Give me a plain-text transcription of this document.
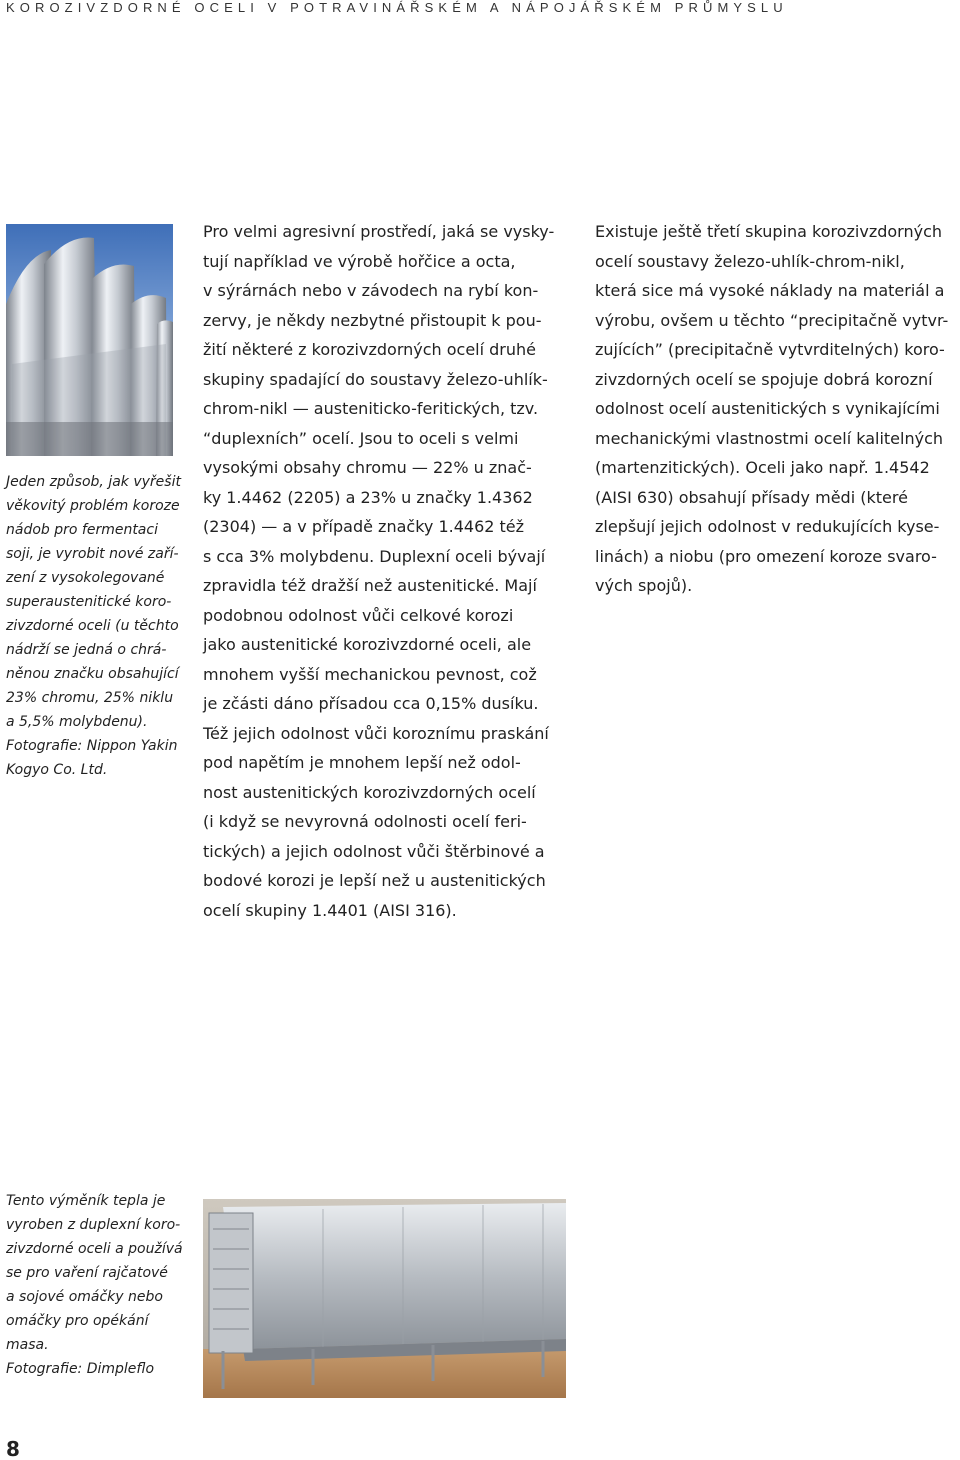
KOROZIVZDORNÉ OCELI V POTRAVINÁŘSKÉM A NÁPOJÁŘSKÉM PRŮMYSLU
Jeden způsob, jak vyřešit
věkovitý problém koroze
nádob pro fermentaci
soji, je vyrobit nové zaří-
zení z vysokolegované
superaustenitické koro-
zivzdorné oceli (u těchto
nádrží se jedná o chrá-
něnou značku obsahující
23% chromu, 25% niklu
a 5,5% molybdenu).
Fotografie: Nippon Yakin
Kogyo Co. Ltd.
Pro velmi agresivní prostředí, jaká se vysky-
tují například ve výrobě hořčice a octa,
v sýrárnách nebo v závodech na rybí kon-
zervy, je někdy nezbytné přistoupit k pou-
žití některé z korozivzdorných ocelí druhé
skupiny spadající do soustavy železo-uhlík-
chrom-nikl — austeniticko-feritických, tzv.
“duplexních” ocelí. Jsou to oceli s velmi
vysokými obsahy chromu — 22% u znač-
ky 1.4462 (2205) a 23% u značky 1.4362
(2304) — a v případě značky 1.4462 též
s cca 3% molybdenu. Duplexní oceli bývají
zpravidla též dražší než austenitické. Mají
podobnou odolnost vůči celkové korozi
jako austenitické korozivzdorné oceli, ale
mnohem vyšší mechanickou pevnost, což
je zčásti dáno přísadou cca 0,15% dusíku.
Též jejich odolnost vůči koroznímu praskání
pod napětím je mnohem lepší než odol-
nost austenitických korozivzdorných ocelí
(i když se nevyrovná odolnosti ocelí feri-
tických) a jejich odolnost vůči štěrbinové a
bodové korozi je lepší než u austenitických
ocelí skupiny 1.4401 (AISI 316).
Existuje ještě třetí skupina korozivzdorných
ocelí soustavy železo-uhlík-chrom-nikl,
která sice má vysoké náklady na materiál a
výrobu, ovšem u těchto “precipitačně vytvr-
zujících” (precipitačně vytvrditelných) koro-
zivzdorných ocelí se spojuje dobrá korozní
odolnost ocelí austenitických s vynikajícími
mechanickými vlastnostmi ocelí kalitelných
(martenzitických). Oceli jako např. 1.4542
(AISI 630) obsahují přísady mědi (které
zlepšují jejich odolnost v redukujících kyse-
linách) a niobu (pro omezení koroze svaro-
vých spojů).
Tento výměník tepla je
vyroben z duplexní koro-
zivzdorné oceli a používá
se pro vaření rajčatové
a sojové omáčky nebo
omáčky pro opékání
masa.
Fotografie: Dimpleflo
8
